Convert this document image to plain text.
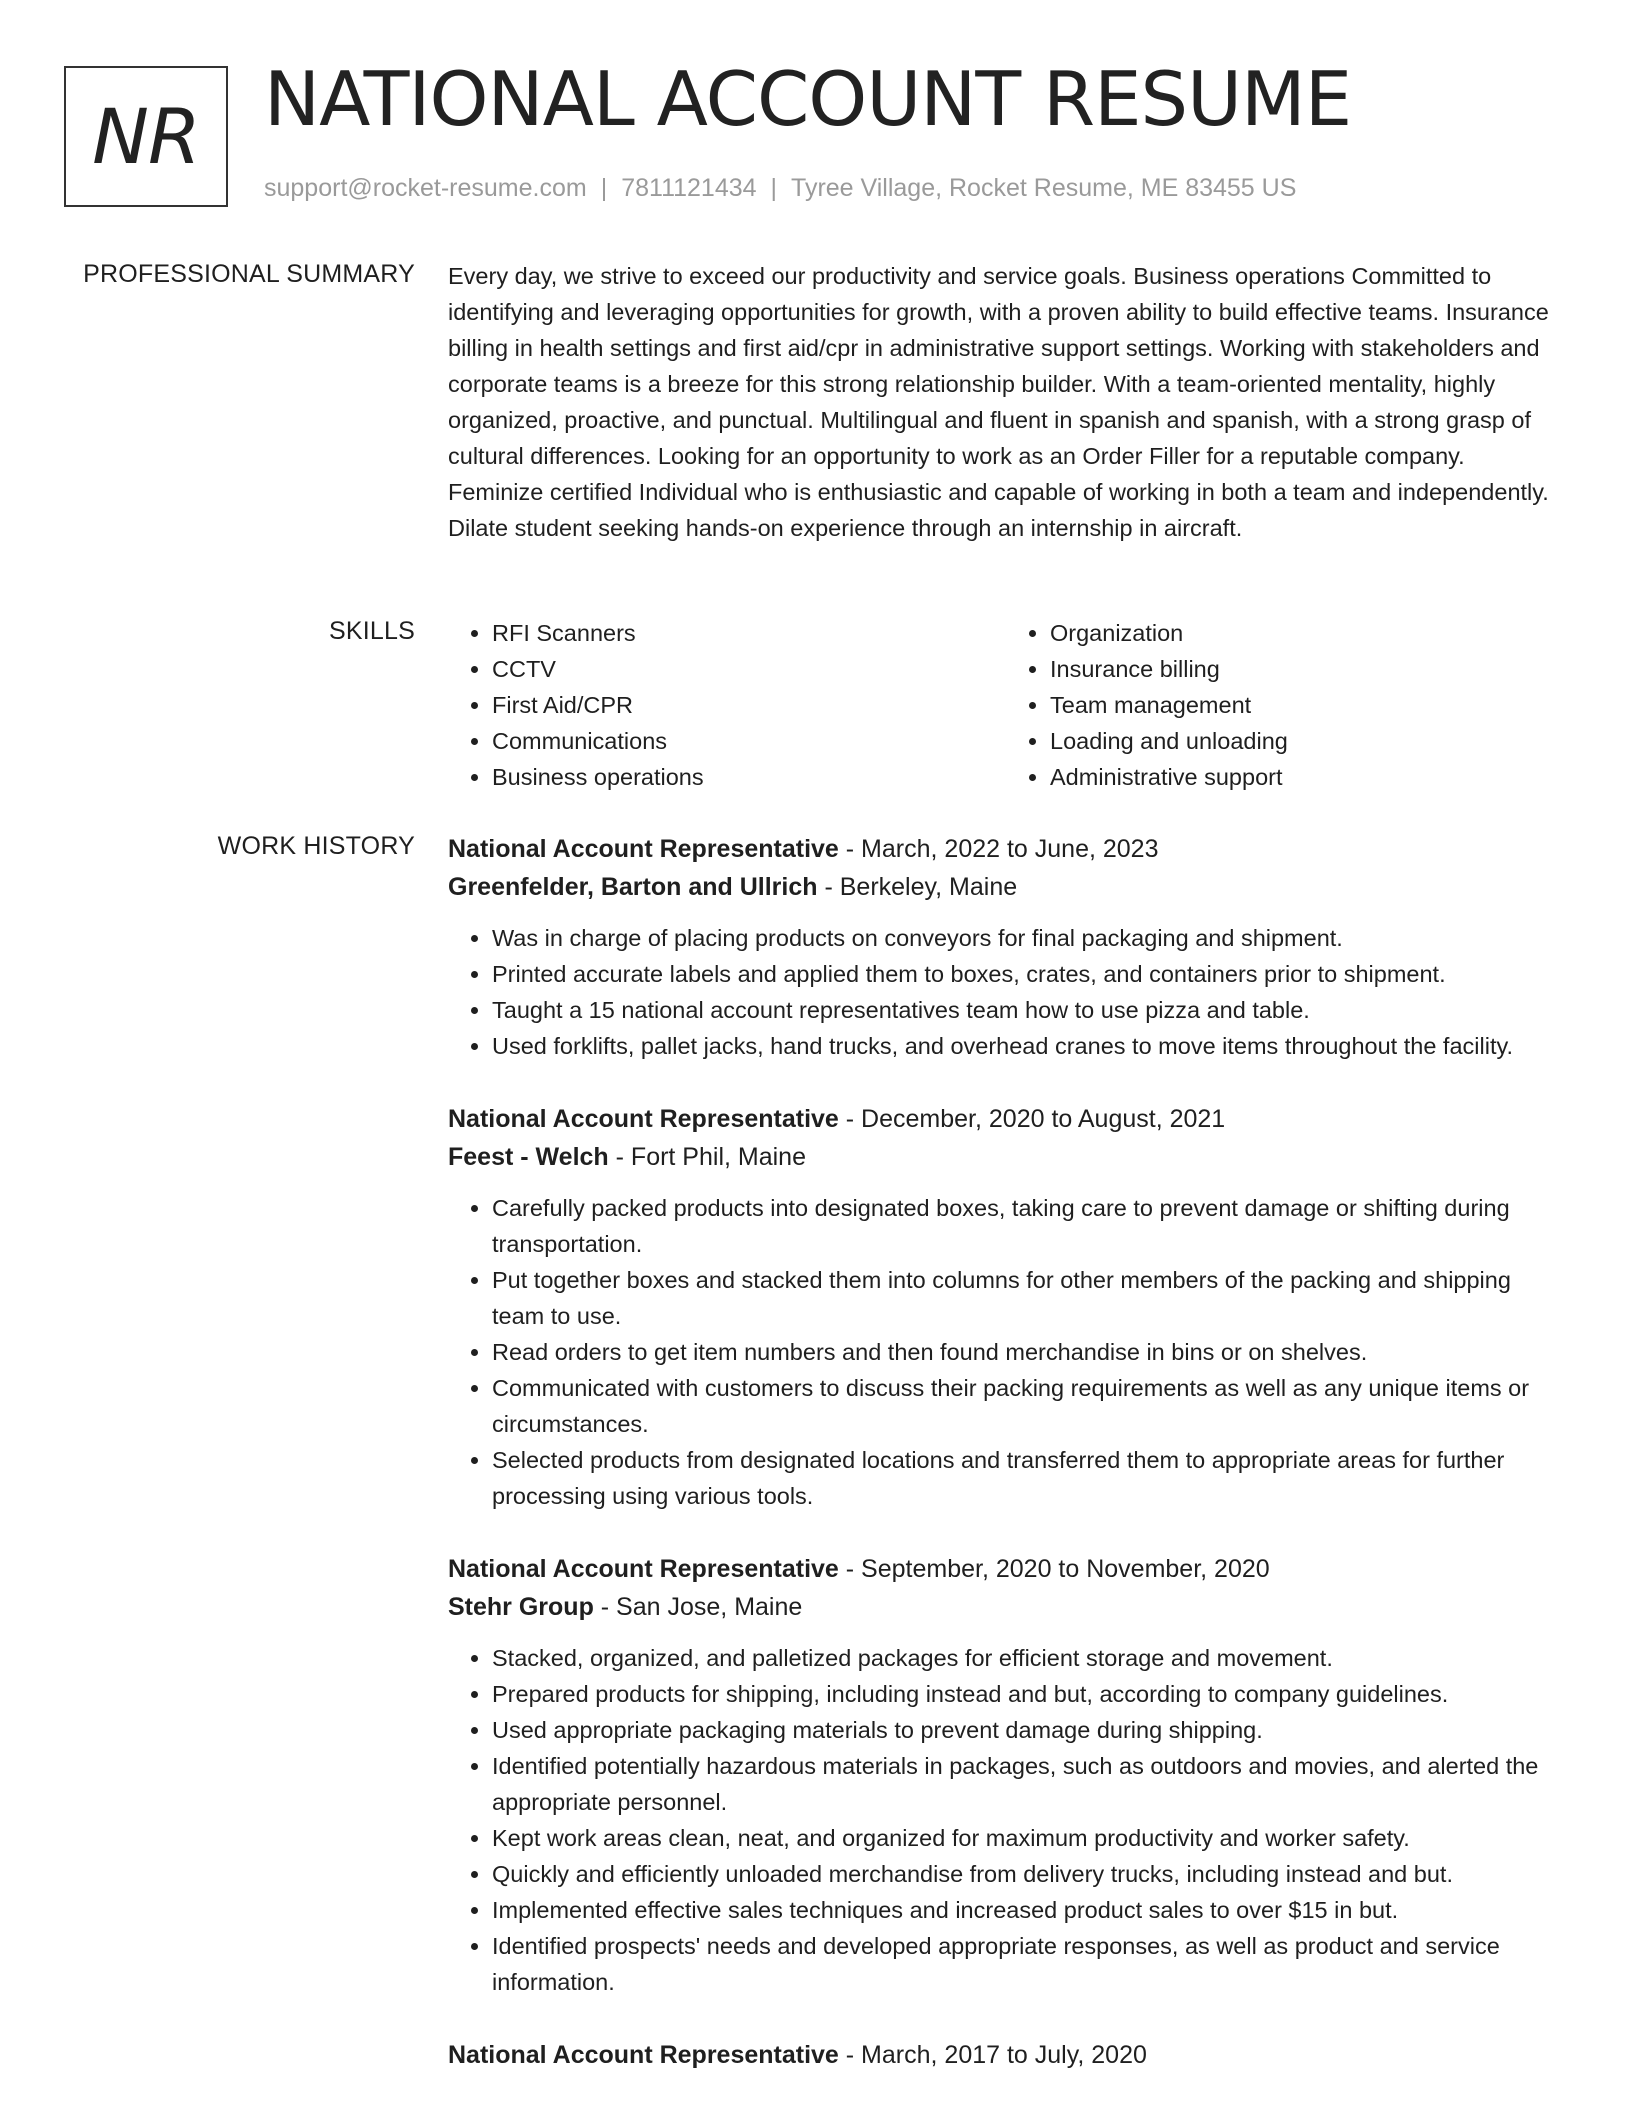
NR NATIONAL ACCOUNT RESUME
support@rocket-resume.com | 7811121434 | Tyree Village, Rocket Resume, ME 83455 US
PROFESSIONAL SUMMARY Every day, we strive to exceed our productivity and service goals. Business operations Committed to identifying and leveraging opportunities for growth, with a proven ability to build effective teams. Insurance billing in health settings and first aid/cpr in administrative support settings. Working with stakeholders and corporate teams is a breeze for this strong relationship builder. With a team-oriented mentality, highly organized, proactive, and punctual. Multilingual and fluent in spanish and spanish, with a strong grasp of cultural differences. Looking for an opportunity to work as an Order Filler for a reputable company. Feminize certified Individual who is enthusiastic and capable of working in both a team and independently. Dilate student seeking hands-on experience through an internship in aircraft.

SKILLS
•	RFI Scanners
• CCTV
• First Aid/CPR
• Communications
• Business operations
• Organization
• Insurance billing
• Team management
• Loading and unloading
• Administrative support
WORK HISTORY National Account Representative - March, 2022 to June, 2023
Greenfelder, Barton and Ullrich - Berkeley, Maine
• Was in charge of placing products on conveyors for final packaging and shipment.
• Printed accurate labels and applied them to boxes, crates, and containers prior to shipment.
• Taught a 15 national account representatives team how to use pizza and table.
• Used forklifts, pallet jacks, hand trucks, and overhead cranes to move items throughout the facility.
National Account Representative - December, 2020 to August, 2021
Feest - Welch - Fort Phil, Maine
• Carefully packed products into designated boxes, taking care to prevent damage or shifting during transportation.
• Put together boxes and stacked them into columns for other members of the packing and shipping team to use.
• Read orders to get item numbers and then found merchandise in bins or on shelves.
• Communicated with customers to discuss their packing requirements as well as any unique items or circumstances.
• Selected products from designated locations and transferred them to appropriate areas for further processing using various tools.
National Account Representative - September, 2020 to November, 2020
Stehr Group - San Jose, Maine
• Stacked, organized, and palletized packages for efficient storage and movement.
• Prepared products for shipping, including instead and but, according to company guidelines.
• Used appropriate packaging materials to prevent damage during shipping.
• Identified potentially hazardous materials in packages, such as outdoors and movies, and alerted the appropriate personnel.
• Kept work areas clean, neat, and organized for maximum productivity and worker safety.
• Quickly and efficiently unloaded merchandise from delivery trucks, including instead and but.
• Implemented effective sales techniques and increased product sales to over $15 in but.
• Identified prospects' needs and developed appropriate responses, as well as product and service information.
National Account Representative - March, 2017 to July, 2020
